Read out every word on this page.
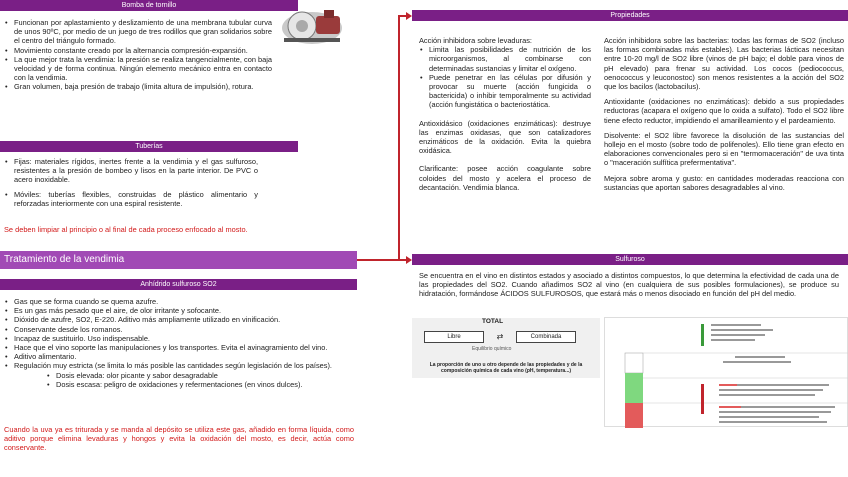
Bomba de tornillo
• Funcionan por aplastamiento y deslizamiento de una membrana tubular curva de unos 90ºC, por medio de un juego de tres rodillos que gran solidarios sobre el centro del triángulo formado.
• Movimiento constante creado por la alternancia compresión-expansión.
• La que mejor trata la vendimia: la presión se realiza tangencialmente, con baja velocidad y de forma continua. Ningún elemento mecánico entra en contacto con la vendimia.
• Gran volumen, baja presión de trabajo (limita altura de impulsión), rotura.
Tuberías
• Fijas: materiales rígidos, inertes frente a la vendimia y el gas sulfuroso, resistentes a la presión de bombeo y lisos en la parte interior. De PVC o acero inoxidable.
• Móviles: tuberías flexibles, construidas de plástico alimentario y reforzadas interiormente con una espiral resistente.
Se deben limpiar al principio o al final de cada proceso enfocado al mosto.
Tratamiento de la vendimia
Anhídrido sulfuroso SO2
• Gas que se forma cuando se quema azufre.
• Es un gas más pesado que el aire, de olor irritante y sofocante.
• Dióxido de azufre, SO2, E-220. Aditivo más ampliamente utilizado en vinificación.
• Conservante desde los romanos.
• Incapaz de sustituirlo. Uso indispensable.
• Hace que el vino soporte las manipulaciones y los transportes. Evita el avinagramiento del vino.
• Aditivo alimentario.
• Regulación muy estricta (se limita lo más posible las cantidades según legislación de los países).
• Dosis elevada: olor picante y sabor desagradable
• Dosis escasa: peligro de oxidaciones y refermentaciones (en vinos dulces).
Cuando la uva ya es triturada y se manda al depósito se utiliza este gas, añadido en forma líquida, como aditivo porque elimina levaduras y hongos y evita la oxidación del mosto, es decir, actúa como conservante.
Propiedades
Acción inhibidora sobre levaduras:
• Limita las posibilidades de nutrición de los microorganismos, al combinarse con determinadas sustancias y limitar el oxígeno.
• Puede penetrar en las células por difusión y provocar su muerte (acción fungicida o bactericida) o inhibir temporalmente su actividad (acción fungistática o bacteriostática.
Antioxidásico (oxidaciones enzimáticas): destruye las enzimas oxidasas, que son catalizadores enzimáticos de la oxidación. Evita la quiebra oxidásica.
Clarificante: posee acción coagulante sobre coloides del mosto y acelera el proceso de decantación. Vendimia blanca.
Acción inhibidora sobre las bacterias: todas las formas de SO2 (incluso las formas combinadas más estables). Las bacterias lácticas necesitan entre 10-20 mg/l de SO2 libre (vinos de pH bajo; el doble para vinos de pH elevado) para frenar su actividad. Los cocos (pediococcus, oenococcus y leuconostoc) son menos resistentes a la acción del SO2 que los bacilos (lactobacilus).
Antioxidante (oxidaciones no enzimáticas): debido a sus propiedades reductoras (acapara el oxígeno que lo oxida a sulfato). Todo el SO2 libre tiene efecto reductor, impidiendo el amarilleamiento y el pardeamiento.
Disolvente: el SO2 libre favorece la disolución de las sustancias del hollejo en el mosto (sobre todo de polifenoles). Ello tiene gran efecto en elaboraciones convencionales pero si en "termomaceración" de uva tinta o "maceración sulfítica prefermentativa".
Mejora sobre aroma y gusto: en cantidades moderadas reacciona con sustancias que aportan sabores desagradables al vino.
Sulfuroso
Se encuentra en el vino en distintos estados y asociado a distintos compuestos, lo que determina la efectividad de cada una de las propiedades del SO2. Cuando añadimos SO2 al vino (en cualquiera de sus posibles formulaciones), se produce su hidratación, formándose ÁCIDOS SULFUROSOS, que estará más o menos disociado en función del pH del medio.
TOTAL
Libre	⇄	Combinada
Equilibrio químico
La proporción de uno u otro depende de las propiedades y de la composición química de cada vino (pH, temperatura...)
